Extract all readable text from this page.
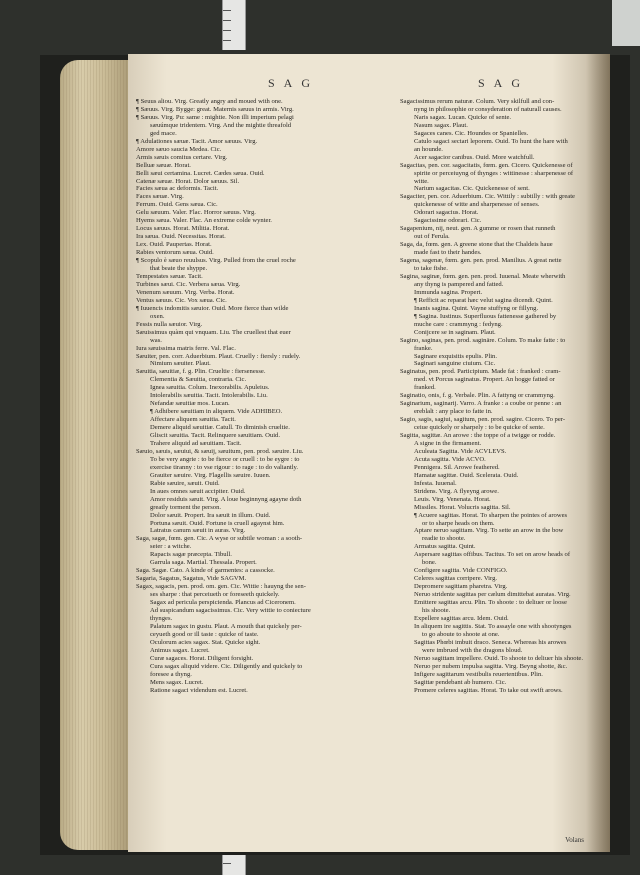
SAG	SAG
¶ Seuus aliou. Virg. Greatly angry and moued with one.
¶ Sæuus. Virg. Bygge: great. Maternis sæuus in armis. Virg.
¶ Sæuus. Virg. Pu: same : mightie. Non illi imperium pelagi
sæuúmque tridentem. Virg. And the mightie threafold
ged mace.
¶ Adulationes sæuæ. Tacit. Amor sæuus. Virg.
Amore sæuo saucia Medea. Cic.
Armis sæuis comitus certare. Virg.
Belluæ sæuæ. Horat.
Belli sæui certamina. Lucret. Cædes sæua. Ouid.
Catenæ sæuæ. Horat. Dolor sæuus. Sil.
Facies sæua ac deformis. Tacit.
Faces sæuæ. Virg.
Ferrum. Ouid. Gens sæua. Cic.
Gelu sæuum. Valer. Flac. Horror sæuus. Virg.
Hyems sæua. Valer. Flac. An extreme colde wynter.
Locus sæuus. Horat. Militia. Horat.
Ira sæua. Ouid. Necessitas. Horat.
Lex. Ouid. Paupertas. Horat.
Rabies ventorum sæua. Ouid.
¶ Scopulo è sæuo reuulsus. Virg. Pulled from the cruel roche
that beate the shyppe.
Tempestates sæuæ. Tacit.
Turbines sæui. Cic. Verbera sæua. Virg.
Venenum sæuum. Virg. Verba. Horat.
Ventus sæuus. Cic. Vox sæua. Cic.
¶ Iuuencis indomitis sæuior. Ouid. More fierce than wilde
oxen.
Fessis nulla sæuior. Virg.
Sæuissimus quàm qui vnquam. Liu. The cruellest that euer
was.
Iura sæuissima matris ferre. Val. Flac.
Sæuiter, pen. corr. Aduerbium. Plaut. Cruelly : fiersly : rudely.
Nimium sæuiter. Plaut.
Sæuitia, sæuitiæ, f. g. Plin. Crueltie : fiersenesse.
Clementia & Sæuitia, contraria. Cic.
Ignea sæuitia. Colum. Inexorabilis. Apuleius.
Intolerabilis sæuitia. Tacit. Intolerabilis. Liu.
Nefandæ sæuitiæ mos. Lucan.
¶ Adhibere sæuitiam in aliquem. Vide ADHIBEO.
Affectare aliquem sæuitia. Tacit.
Demere aliquid sæuitiæ. Catull. To diminish crueltie.
Gliscit sæuitia. Tacit. Relinquere sæuitiam. Ouid.
Trahere aliquid ad sæuitiam. Tacit.
Sæuio, sæuis, sæuiui, & sæuij, sæuitum, pen. prod. sæuire. Liu.
To be very angrie : to be fierce or cruell : to be eygre : to
exercise tiranny : to vse rigour : to rage : to do valiantly.
Grauiter sæuire. Virg. Flagellis sæuire. Iuuen.
Rabie sæuire, sæuit. Ouid.
In aues omnes sæuit accipiter. Ouid.
Amor residuis sæuit. Virg. A loue beginnyng agayne doth
greatly torment the person.
Dolor sæuit. Propert. Ira sæuit in illum. Ouid.
Portuna sæuit. Ouid. Fortune is cruell agaynst him.
Latratus canum sæuit in auras. Virg.
Saga, sagæ, fœm. gen. Cic. A wyse or subtile woman : a sooth-
seier : a witche.
Rapacis sagæ præcepta. Tibull.
Garrula saga. Martial. Thessala. Propert.
Saga. Sagæ. Cato. A kinde of garmentes: a cassocke.
Sagaria, Sagatus, Sagatus, Vide SAGVM.
Sagax, sagacis, pen. prod. om. gen. Cic. Wittie : hauyng the sen-
ses sharpe : that perceiueth or foreseeth quickely.
Sagax ad pericula perspicienda. Plancus ad Ciceronem.
Ad suspicandum sagacissimus. Cic. Very wittie to coniecture
thynges.
Palatum sagax in gustu. Plaut. A mouth that quickely per-
ceyueth good or ill taste : quicke of taste.
Oculorum acies sagax. Stat. Quicke sight.
Animus sagax. Lucret.
Curæ sagaces. Horat. Diligent forsight.
Cura sagax aliquid videre. Cic. Diligently and quickely to
foresee a thyng.
Mens sagax. Lucret.
Ratione sagaci videndum est. Lucret.
Sagacissimus rerum naturæ. Colum. Very skilfull and con-
nyng in philosophie or consyderation of naturall causes.
Naris sagax. Lucan. Quicke of sente.
Nasum sagax. Plaut.
Sagaces canes. Cic. Houndes or Spanielles.
Catulo sagaci sectari leporem. Ouid. To hunt the hare with
an hounde.
Acer sagacior canibus. Ouid. More watchfull.
Sagacitas, pen. cor. sagacitatis, fœm. gen. Cicero. Quickenesse of
spirite or perceiuyng of thynges : wittinesse : sharpenesse of
witte.
Narium sagacitas. Cic. Quickenesse of sent.
Sagaciter, pen. cor. Aduerbium. Cic. Wittily : subtilly : with greate
quickenesse of witte and sharpenesse of senses.
Odorari sagacius. Horat.
Sagacissime odorari. Cic.
Sagapenium, nij, neut. gen. A gumme or rosen that runneth
out of Ferula.
Saga, da, fœm. gen. A greene stone that the Chaldeis haue
made fast to their handes.
Sagena, sagenæ, fœm. gen. pen. prod. Manilius. A great nette
to take fishe.
Sagina, saginæ, fœm. gen. pen. prod. Iuuenal. Meate wherwith
any thyng is pampered and fatted.
Immunda sagina. Propert.
¶ Refficit ac reparat hæc velut sagina dicendi. Quint.
Inanis sagina. Quint. Vayne stuffyng or fillyng.
¶ Sagina. Iustinus. Superfluous fattenesse gathered by
muche care : crammyng : fedyng.
Conijcere se in saginam. Plaut.
Sagino, saginas, pen. prod. sagināre. Colum. To make fatte : to
franke.
Saginare exquisitis epulis. Plin.
Saginari sanguine ciuium. Cic.
Saginatus, pen. prod. Participium. Made fat : franked : cram-
med. vt Porcus saginatus. Propert. An hogge fatted or
franked.
Saginatio, onis, f. g. Verbale. Plin. A fattyng or crammyng.
Saginarium, saginarij. Varro. A franke : a coube or penne : an
ereblalt : any place to fatte in.
Sagio, sagis, sagiui, sagitum, pen. prod. sagire. Cicero. To per-
ceiue quickely or sharpely : to be quicke of sente.
Sagitta, sagittæ. An arowe : the toppe of a twigge or rodde.
A signe in the firmament.
Aculeata Sagitta. Vide ACVLEVS.
Acuta sagitta. Vide ACVO.
Pennigera. Sil. Arowe feathered.
Hamatæ sagittæ. Ouid. Scelerata. Ouid.
Infesta. Iuuenal.
Stridens. Virg. A flyeyng arowe.
Leuis. Virg. Venenata. Horat.
Missiles. Horat. Volucris sagitta. Sil.
¶ Acuere sagittas. Horat. To sharpen the pointes of arowes
or to sharpe heads on them.
Aptare neruo sagittam. Virg. To sette an arow in the bow
readie to shoote.
Armatus sagitta. Quint.
Aspersare sagittas offibus. Tacitus. To set on arow heads of
bone.
Configere sagitta. Vide CONFIGO.
Celeres sagittas corripere. Virg.
Depromere sagittam pharetra. Virg.
Neruo stridente sagittas per cælum dimittebat auratas. Virg.
Emittere sagittas arcu. Plin. To shoote : to deliuer or loose
his shoote.
Expellere sagittas arcu. Idem. Ouid.
In aliquem ire sagittis. Stat. To assayle one with shootynges
to go aboute to shoote at one.
Sagittas Phœbi imbuit draco. Seneca. Whereas his arowes
were imbrued with the dragons bloud.
Neruo sagittam impellere. Ouid. To shoote to deliuer his shoote.
Neruo per nubem impulsa sagitta. Virg. Beyng shotte, &c.
Infigere sagittarum vestibulis reuertentibus. Plin.
Sagittæ pendebant ab humero. Cic.
Promere celeres sagittas. Horat. To take out swift arows.
Volans
